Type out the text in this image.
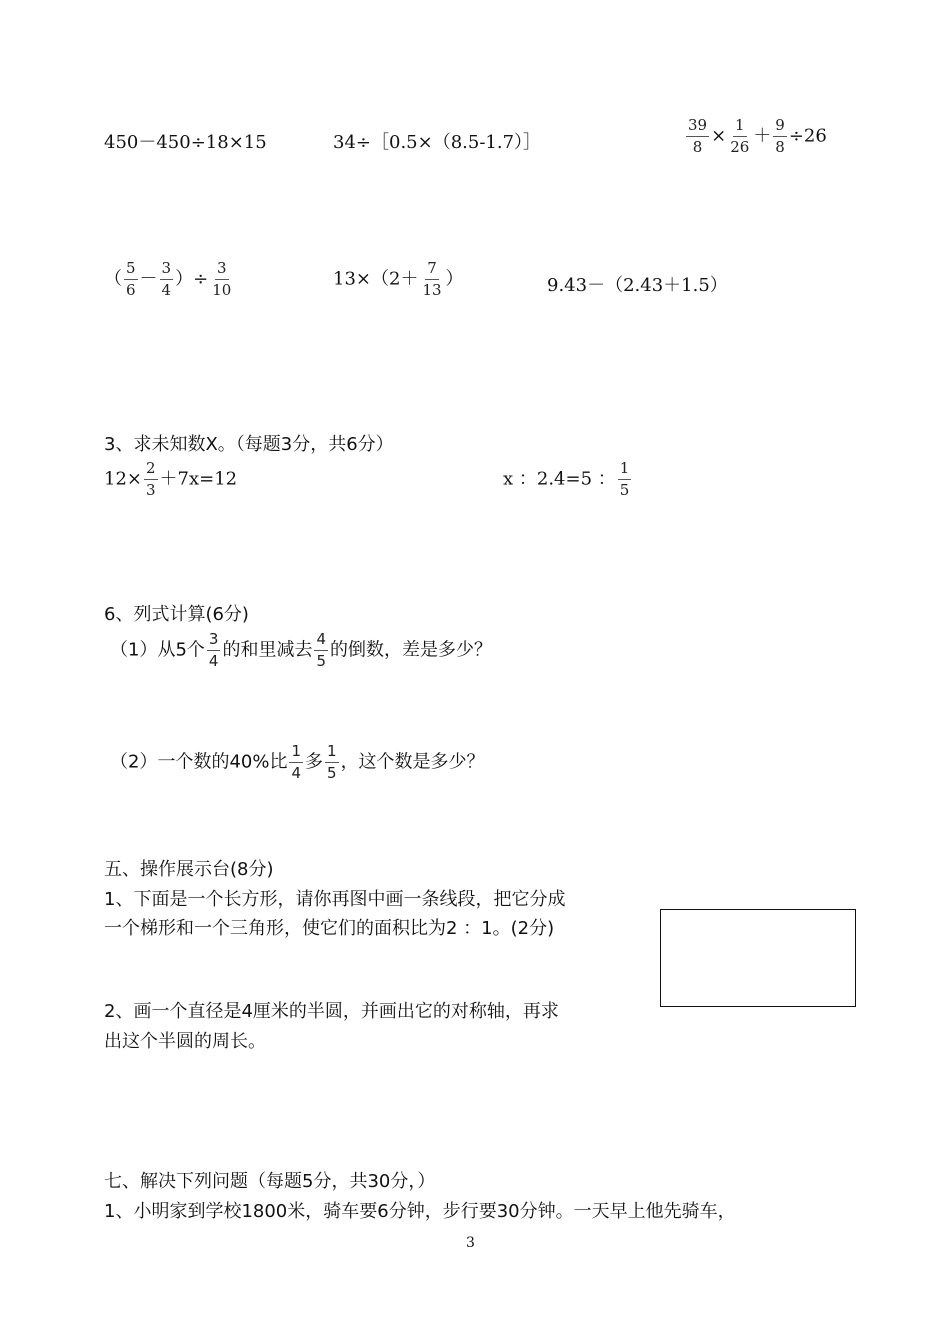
450－450÷18×15	34÷［0.5×（8.5-1.7）］	$\frac{39}{8} \times \frac{1}{26} + \frac{9}{8} \div 26$
（ $\frac{5}{6} - \frac{3}{4}$ ）÷ $\frac{3}{10}$	$13\times(2+ \frac{7}{13}$ ）	9.43－（2.43＋1.5）
3、求未知数X。（每题3分，共6分）
$12\times \frac{2}{3} +7x=12$	x ：2.4=5 ： $\frac{1}{5}$
6、列式计算(6分)
（1）从5个 $\frac{3}{4}$ 的和里减去 $\frac{4}{5}$ 的倒数，差是多少？
（2）一个数的40%比 $\frac{1}{4}$ 多 $\frac{1}{5}$ ，这个数是多少？
五、操作展示台(8分)
1、下面是一个长方形，请你再图中画一条线段，把它分成
一个梯形和一个三角形，使它们的面积比为2 ：1。(2分)
2、画一个直径是4厘米的半圆，并画出它的对称轴，再求
出这个半圆的周长。
七、解决下列问题（每题5分，共30分，）
1、小明家到学校1800米，骑车要6分钟，步行要30分钟。一天早上他先骑车，
3
